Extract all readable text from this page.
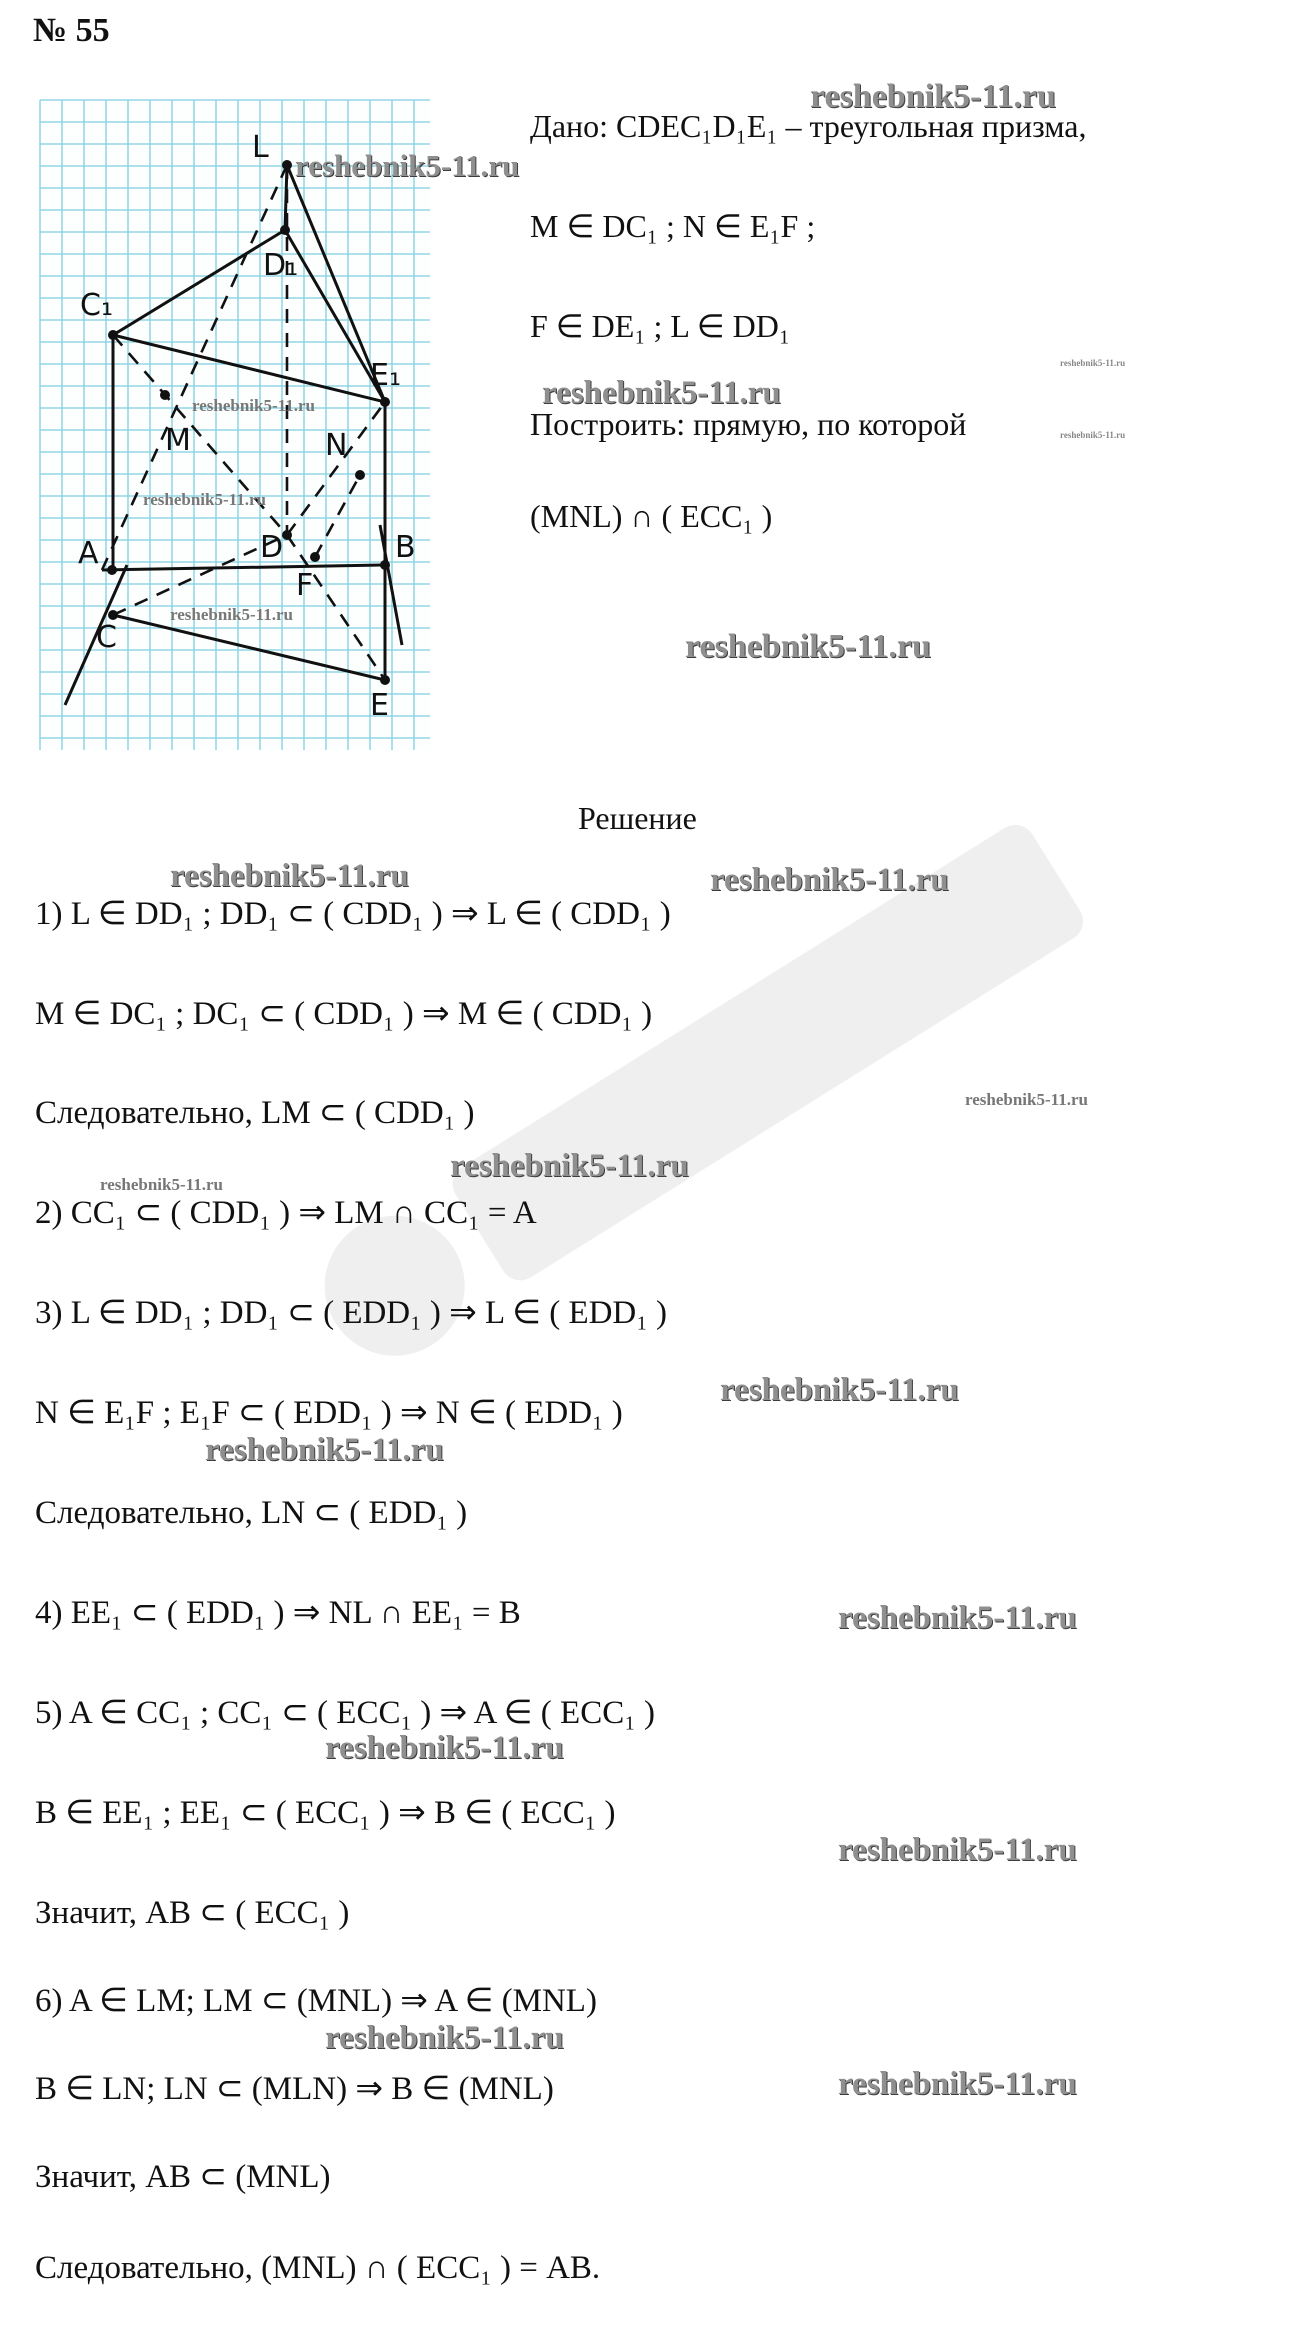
№ 55
L
D₁
C₁
E₁
M	N
D
A
F
B
C
E
Дано: CDEC₁D₁E₁ – треугольная призма,
M ∈ DC₁ ; N ∈ E₁F ;
F ∈ DE₁ ; L ∈ DD₁
Построить: прямую, по которой
(MNL) ∩ ( ECC₁ )
Решение
1) L ∈ DD₁ ; DD₁ ⊂ ( CDD₁ ) ⇒ L ∈ ( CDD₁ )
M ∈ DC₁ ; DC₁ ⊂ ( CDD₁ ) ⇒ M ∈ ( CDD₁ )
Следовательно, LM ⊂ ( CDD₁ )
2) CC₁ ⊂ ( CDD₁ ) ⇒ LM ∩ CC₁ = A
3) L ∈ DD₁ ; DD₁ ⊂ ( EDD₁ ) ⇒ L ∈ ( EDD₁ )
N ∈ E₁F ; E₁F ⊂ ( EDD₁ ) ⇒ N ∈ ( EDD₁ )
Следовательно, LN ⊂ ( EDD₁ )
4) EE₁ ⊂ ( EDD₁ ) ⇒ NL ∩ EE₁ = B
5) A ∈ CC₁ ; CC₁ ⊂ ( ECC₁ ) ⇒ A ∈ ( ECC₁ )
B ∈ EE₁ ; EE₁ ⊂ ( ECC₁ ) ⇒ B ∈ ( ECC₁ )
Значит, AB ⊂ ( ECC₁ )
6) A ∈ LM; LM ⊂ (MNL) ⇒ A ∈ (MNL)
B ∈ LN; LN ⊂ (MLN) ⇒ B ∈ (MNL)
Значит, AB ⊂ (MNL)
Следовательно, (MNL) ∩ ( ECC₁ ) = AB.
reshebnik5-11.ru
reshebnik5-11.ru
reshebnik5-11.ru
reshebnik5-11.ru
reshebnik5-11.ru
reshebnik5-11.ru
reshebnik5-11.ru
reshebnik5-11.ru
reshebnik5-11.ru
reshebnik5-11.ru	reshebnik5-11.ru
reshebnik5-11.ru
reshebnik5-11.ru
reshebnik5-11.ru
reshebnik5-11.ru
reshebnik5-11.ru
reshebnik5-11.ru
reshebnik5-11.ru
reshebnik5-11.ru
reshebnik5-11.ru
reshebnik5-11.ru
